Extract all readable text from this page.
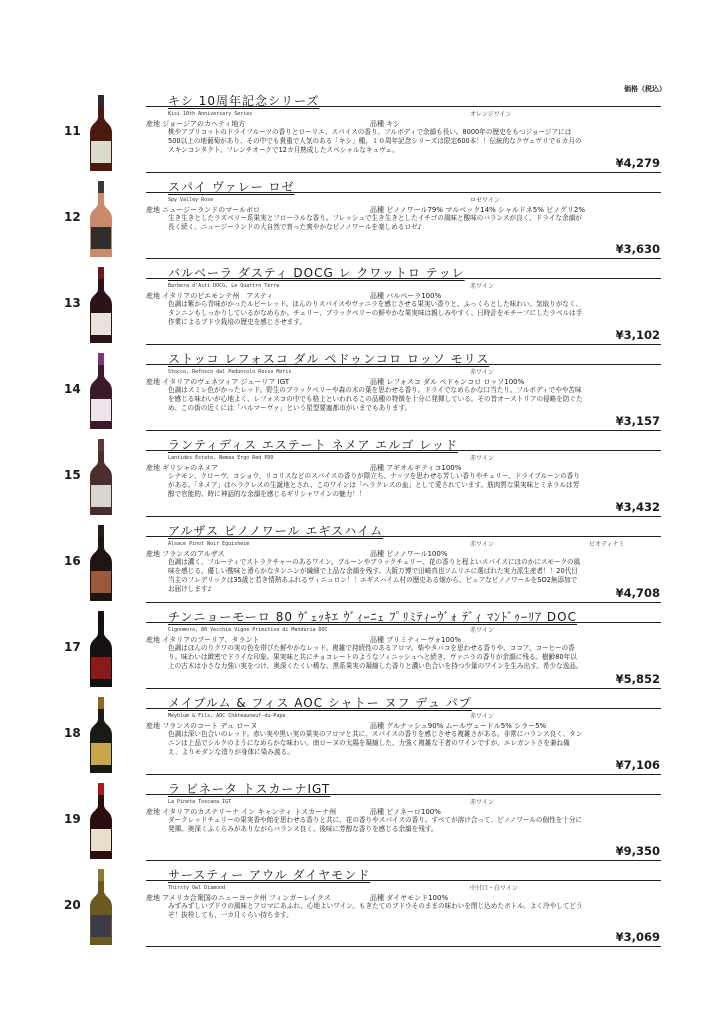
価格（税込）
11
キシ 10周年記念シリーズ
Kisi 10th Anniversary Series	オレンジワイン
産地 ジョージアのカヘティ地方	品種 キシ
桃やアプリコットのドライフルーツの香りとローリエ、スパイスの香り。フルボディで余韻も長い。8000年の歴史をもつジョージアには500以上の地葡萄があり、その中でも貴重で人気のある「キシ」種。１０周年記念シリーズは限定600本！！伝統的なクヴェヴリで６カ月のスキンコンタクト、フレンチオークで12カ月熟成したスペシャルなキュヴェ。
¥4,279
12
スパイ ヴァレー ロゼ
Spy Valley Rose	ロゼワイン
産地 ニュージーランドのマールボロ	品種 ピノノワール79% マルベック14% シャルドネ5% ピノグリ2%
生き生きとしたラズベリー系果実とフローラルな香り。フレッシュで生き生きとしたイチゴの風味と酸味のバランスが良く、ドライな余韻が長く続く。ニュージーランドの大自然で育った爽やかなピノノワールを楽しめるロゼ♪
¥3,630
13
バルベーラ ダスティ DOCG レ クワットロ テッレ
Barbera d'Asti DOCG, Le Quattro Terre	赤ワイン
産地 イタリアのピエモンテ州　アスティ	品種 バルベーラ100%
色調は紫から青味がかったルビーレッド。ほんのりスパイスやヴァニラを感じさせる果実い香りと、ふっくらとした味わい。気取りがなく、タンニンもしっかりしているがなめらか。チェリー、ブラックベリーの鮮やかな果実味は親しみやすく、日時計をモチーフにしたラベルは手作業によるブドウ栽培の歴史を感じさせます。
¥3,102
14
ストッコ レフォスコ ダル ペドゥンコロ ロッソ モリス
Stocco, Refosco dal Peduncolo Rosso Moris	赤ワイン
産地 イタリアのヴェネツィア ジューリア IGT	品種 レフォスコ ダル ペドゥンコロ ロッソ100%
色調はスミレ色がかったレッド。野生のブラックベリーや森の木の葉を思わせる香り。ドライでなめらかな口当たり。フルボディでやや苦味を感じる味わいが心地よく、レフォスコの中でも格上といわれるこの品種の特徴を十分に発揮している。その昔オーストリアの侵略を防ぐため、この街の近くには「パルマーヴァ」という星型要塞都市がいまでもあります。
¥3,157
15
ランティディス エステート ネメア エルゴ レッド
Lantides Estate, Nemea Ergo Red PDO	赤ワイン
産地 ギリシャのネメア	品種 アギオルギティコ100%
シナモン、クローヴ、コショウ、リコリスなどのスパイスの香りが際立ち、ナッツを思わせる芳しい香りやチェリー、ドライプルーンの香りがある。「ネメア」はヘラクレスの生誕地とされ、このワインは「ヘラクレスの血」として愛されています。筋肉質な果実味とミネラルは芳醇で官能的、時に神話的な余韻を感じるギリシャワインの魅力！！
¥3,432
16
アルザス ピノノワール エギスハイム
Alsace Pinot Noir Eguisheim	赤ワイン	ビオディナミ
産地 フランスのアルザス	品種 ピノノワール100%
色調は濃く、フルーティでストラクチャーのあるワイン。プルーンやブラックチェリー、花の香りと程よいスパイスにほのかにスモークの風味を感じる。優しい酸味と滑らかなタンニンが繊細で上品な余韻を残す。大阪万博で田崎真也ソムリエに選ばれた実力派生産者！！20代目当主のフレデリックは35歳と若き情熱あふれるヴィニュロン！！エギスハイム村の歴史ある畑から、ピュアなピノノワールをSO2無添加でお届けします♪	¥4,708
17
チンニョーモーロ 80 ｳﾞｪｯｷｴ ｳﾞｨｰﾆｪ ﾌﾟﾘﾐﾃｨｰｳﾞｫ ﾃﾞｨ ﾏﾝﾄﾞｩｰﾘｱ DOC
Cignomoro, 80 Vecchie Vigne Primitivo di Manduria DOC	赤ワイン
産地 イタリアのプーリア、タラント	品種 プリミティーヴォ100%
色調はほんのりクワの実の色を帯びた鮮やかなレッド。複雑で持続性のあるアロマ。柴やタバコを思わせる香りや、ココア、コーヒーの香り。味わいは緻密でドライな印象。果実味と共にチョコレートのようなフィニッシュへと続き、ヴァニラの香りが余韻に残る。樹齢80年以上の古木は小さな力強い実をつけ、奥深くたくい稀な、黒系果実の凝縮した香りと濃い色合いを持つ少量のワインを生み出す。希少な逸品。
¥5,852
18
メイブルム & フィス AOC シャトー ヌフ デュ パプ
Meyblum & Fils, AOC Châteauneuf-du-Pape	赤ワイン
産地 フランスのコート デュ ローヌ	品種 グルナッシュ90% ムールヴェードル5% シラー5%
色調は深い色合いのレッド。赤い実や黒い実の果実のアロマと共に、スパイスの香りを感じさせる複雑さがある。非常にバランス良く、タンニンは上品でシルクのようになめらかな味わい。南ローヌの太陽を凝縮した、力強く複雑な王者のワインですが、エレガントさを兼ね備え、よりモダンな造りが身体に染み渡る。
¥7,106
19
ラ ピネータ トスカーナIGT
La Pineta Toscana IGT	赤ワイン
産地 イタリアのカステリーナ イン キャンティ トスカーナ州	品種 ピノネーロ100%
ダークレッドチェリーの果実香や飴を思わせる香りと共に、花の香りやスパイスの香り。すべてが溶け合って、ピノノワールの個性を十分に発揮。奥深くふくらみがありながらバランス良く、後味に芳醇な香りを感じる余韻を残す。
¥9,350
20
サースティー アウル ダイヤモンド
Thirsty Owl Diamond	中甘口・白ワイン
産地 アメリカ合衆国のニューヨーク州 フィンガーレイクス	品種 ダイヤモンド100%
みずみずしいブドウの風味とアロマにあふれ、心地よいワイン。もぎたてのブドウそのままの味わいを閉じ込めたボトル。よく冷やしてどうぞ！抜栓しても、一カ月くらい持ちます。
¥3,069
